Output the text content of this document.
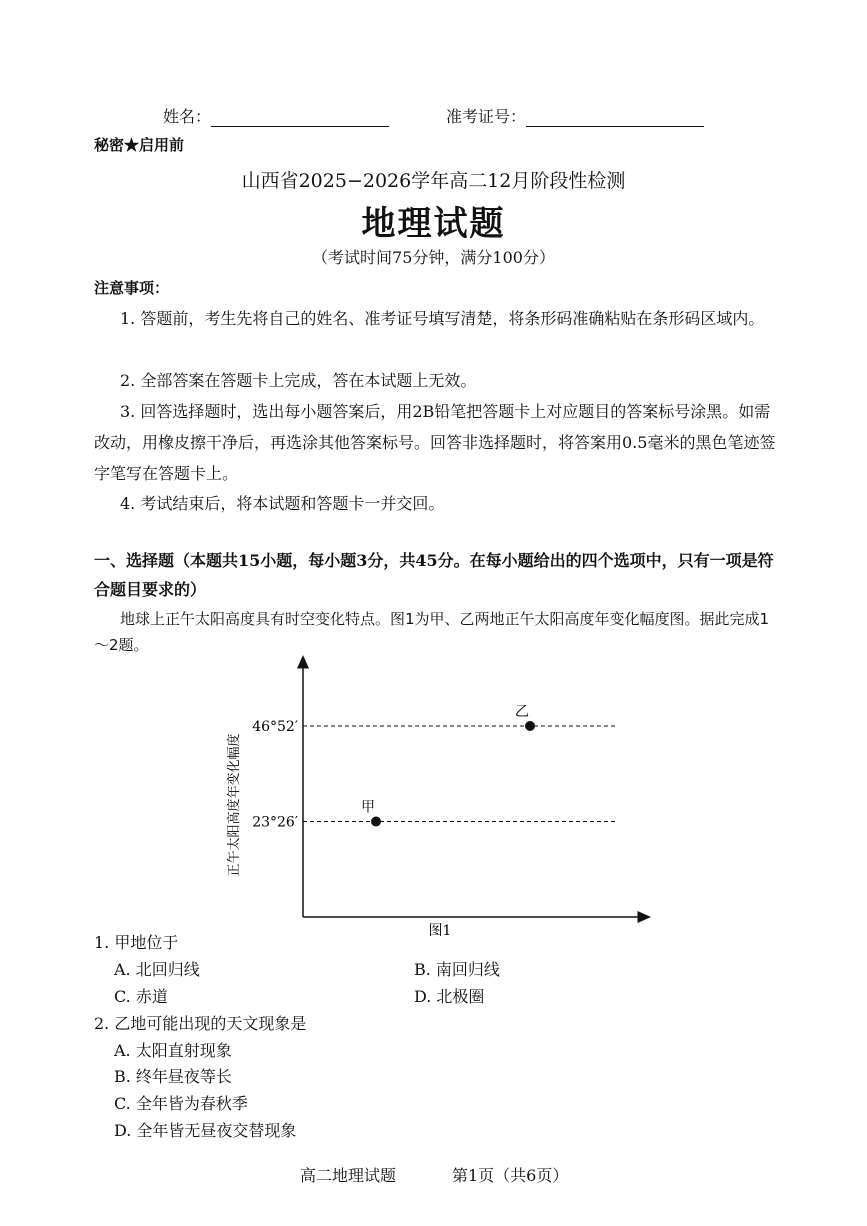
姓名：	准考证号：
秘密★启用前
山西省2025−2026学年高二12月阶段性检测
地理试题
（考试时间75分钟，满分100分）
注意事项：
1. 答题前，考生先将自己的姓名、准考证号填写清楚，将条形码准确粘贴在条形码区域内。
2. 全部答案在答题卡上完成，答在本试题上无效。
3. 回答选择题时，选出每小题答案后，用2B铅笔把答题卡上对应题目的答案标号涂黑。如需改动，用橡皮擦干净后，再选涂其他答案标号。回答非选择题时，将答案用0.5毫米的黑色笔迹签字笔写在答题卡上。
4. 考试结束后，将本试题和答题卡一并交回。
一、选择题（本题共15小题，每小题3分，共45分。在每小题给出的四个选项中，只有一项是符合题目要求的）
地球上正午太阳高度具有时空变化特点。图1为甲、乙两地正午太阳高度年变化幅度图。据此完成1～2题。
正午太阳高度年变化幅度 23°26′
甲
46°52′
乙
图1
1. 甲地位于
A. 北回归线	B. 南回归线
C. 赤道	D. 北极圈
2. 乙地可能出现的天文现象是
A. 太阳直射现象
B. 终年昼夜等长
C. 全年皆为春秋季
D. 全年皆无昼夜交替现象
高二地理试题	第1页（共6页）
